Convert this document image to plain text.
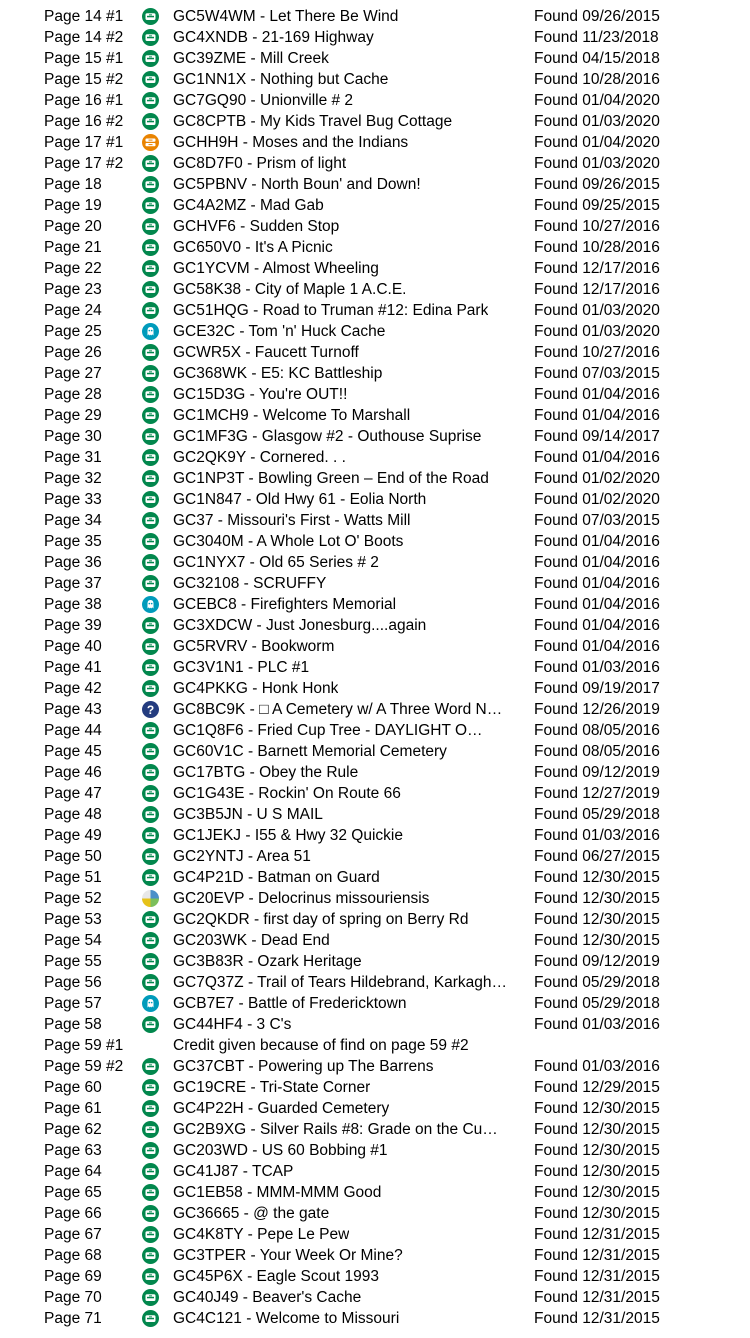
Page 14 #1	GC5W4WM - Let There Be Wind	Found 09/26/2015
Page 14 #2	GC4XNDB - 21-169 Highway	Found 11/23/2018
Page 15 #1	GC39ZME - Mill Creek	Found 04/15/2018
Page 15 #2	GC1NN1X - Nothing but Cache	Found 10/28/2016
Page 16 #1	GC7GQ90 - Unionville # 2	Found 01/04/2020
Page 16 #2	GC8CPTB - My Kids Travel Bug Cottage	Found 01/03/2020
Page 17 #1	GCHH9H - Moses and the Indians	Found 01/04/2020
Page 17 #2	GC8D7F0 - Prism of light	Found 01/03/2020
Page 18	GC5PBNV - North Boun' and Down!	Found 09/26/2015
Page 19	GC4A2MZ - Mad Gab	Found 09/25/2015
Page 20	GCHVF6 - Sudden Stop	Found 10/27/2016
Page 21	GC650V0 - It's A Picnic	Found 10/28/2016
Page 22	GC1YCVM - Almost Wheeling	Found 12/17/2016
Page 23	GC58K38 - City of Maple 1 A.C.E.	Found 12/17/2016
Page 24	GC51HQG - Road to Truman #12: Edina Park	Found 01/03/2020
Page 25	GCE32C - Tom 'n' Huck Cache	Found 01/03/2020
Page 26	GCWR5X - Faucett Turnoff	Found 10/27/2016
Page 27	GC368WK - E5: KC Battleship	Found 07/03/2015
Page 28	GC15D3G - You're OUT!!	Found 01/04/2016
Page 29	GC1MCH9 - Welcome To Marshall	Found 01/04/2016
Page 30	GC1MF3G - Glasgow #2 - Outhouse Suprise	Found 09/14/2017
Page 31	GC2QK9Y - Cornered. . .	Found 01/04/2016
Page 32	GC1NP3T - Bowling Green – End of the Road	Found 01/02/2020
Page 33	GC1N847 - Old Hwy 61 - Eolia North	Found 01/02/2020
Page 34	GC37 - Missouri's First - Watts Mill	Found 07/03/2015
Page 35	GC3040M - A Whole Lot O' Boots	Found 01/04/2016
Page 36	GC1NYX7 - Old 65 Series # 2	Found 01/04/2016
Page 37	GC32108 - SCRUFFY	Found 01/04/2016
Page 38	GCEBC8 - Firefighters Memorial	Found 01/04/2016
Page 39	GC3XDCW - Just Jonesburg....again	Found 01/04/2016
Page 40	GC5RVRV - Bookworm	Found 01/04/2016
Page 41	GC3V1N1 - PLC #1	Found 01/03/2016
Page 42	GC4PKKG - Honk Honk	Found 09/19/2017
Page 43	? GC8BC9K - □ A Cemetery w/ A Three Word N… Found 12/26/2019
Page 44	GC1Q8F6 - Fried Cup Tree - DAYLIGHT O…	Found 08/05/2016
Page 45	GC60V1C - Barnett Memorial Cemetery	Found 08/05/2016
Page 46	GC17BTG - Obey the Rule	Found 09/12/2019
Page 47	GC1G43E - Rockin' On Route 66	Found 12/27/2019
Page 48	GC3B5JN - U S MAIL	Found 05/29/2018
Page 49	GC1JEKJ - I55 & Hwy 32 Quickie	Found 01/03/2016
Page 50	GC2YNTJ - Area 51	Found 06/27/2015
Page 51	GC4P21D - Batman on Guard	Found 12/30/2015
Page 52	GC20EVP - Delocrinus missouriensis	Found 12/30/2015
Page 53	GC2QKDR - first day of spring on Berry Rd	Found 12/30/2015
Page 54	GC203WK - Dead End	Found 12/30/2015
Page 55	GC3B83R - Ozark Heritage	Found 09/12/2019
Page 56	GC7Q37Z - Trail of Tears Hildebrand, Karkagh… Found 05/29/2018
Page 57	GCB7E7 - Battle of Fredericktown	Found 05/29/2018
Page 58	GC44HF4 - 3 C's	Found 01/03/2016
Page 59 #1	Credit given because of find on page 59 #2
Page 59 #2	GC37CBT - Powering up The Barrens	Found 01/03/2016
Page 60	GC19CRE - Tri-State Corner	Found 12/29/2015
Page 61	GC4P22H - Guarded Cemetery	Found 12/30/2015
Page 62	GC2B9XG - Silver Rails #8: Grade on the Cu… Found 12/30/2015
Page 63	GC203WD - US 60 Bobbing #1	Found 12/30/2015
Page 64	GC41J87 - TCAP	Found 12/30/2015
Page 65	GC1EB58 - MMM-MMM Good	Found 12/30/2015
Page 66	GC36665 - @ the gate	Found 12/30/2015
Page 67	GC4K8TY - Pepe Le Pew	Found 12/31/2015
Page 68	GC3TPER - Your Week Or Mine?	Found 12/31/2015
Page 69	GC45P6X - Eagle Scout 1993	Found 12/31/2015
Page 70	GC40J49 - Beaver's Cache	Found 12/31/2015
Page 71	GC4C121 - Welcome to Missouri	Found 12/31/2015
